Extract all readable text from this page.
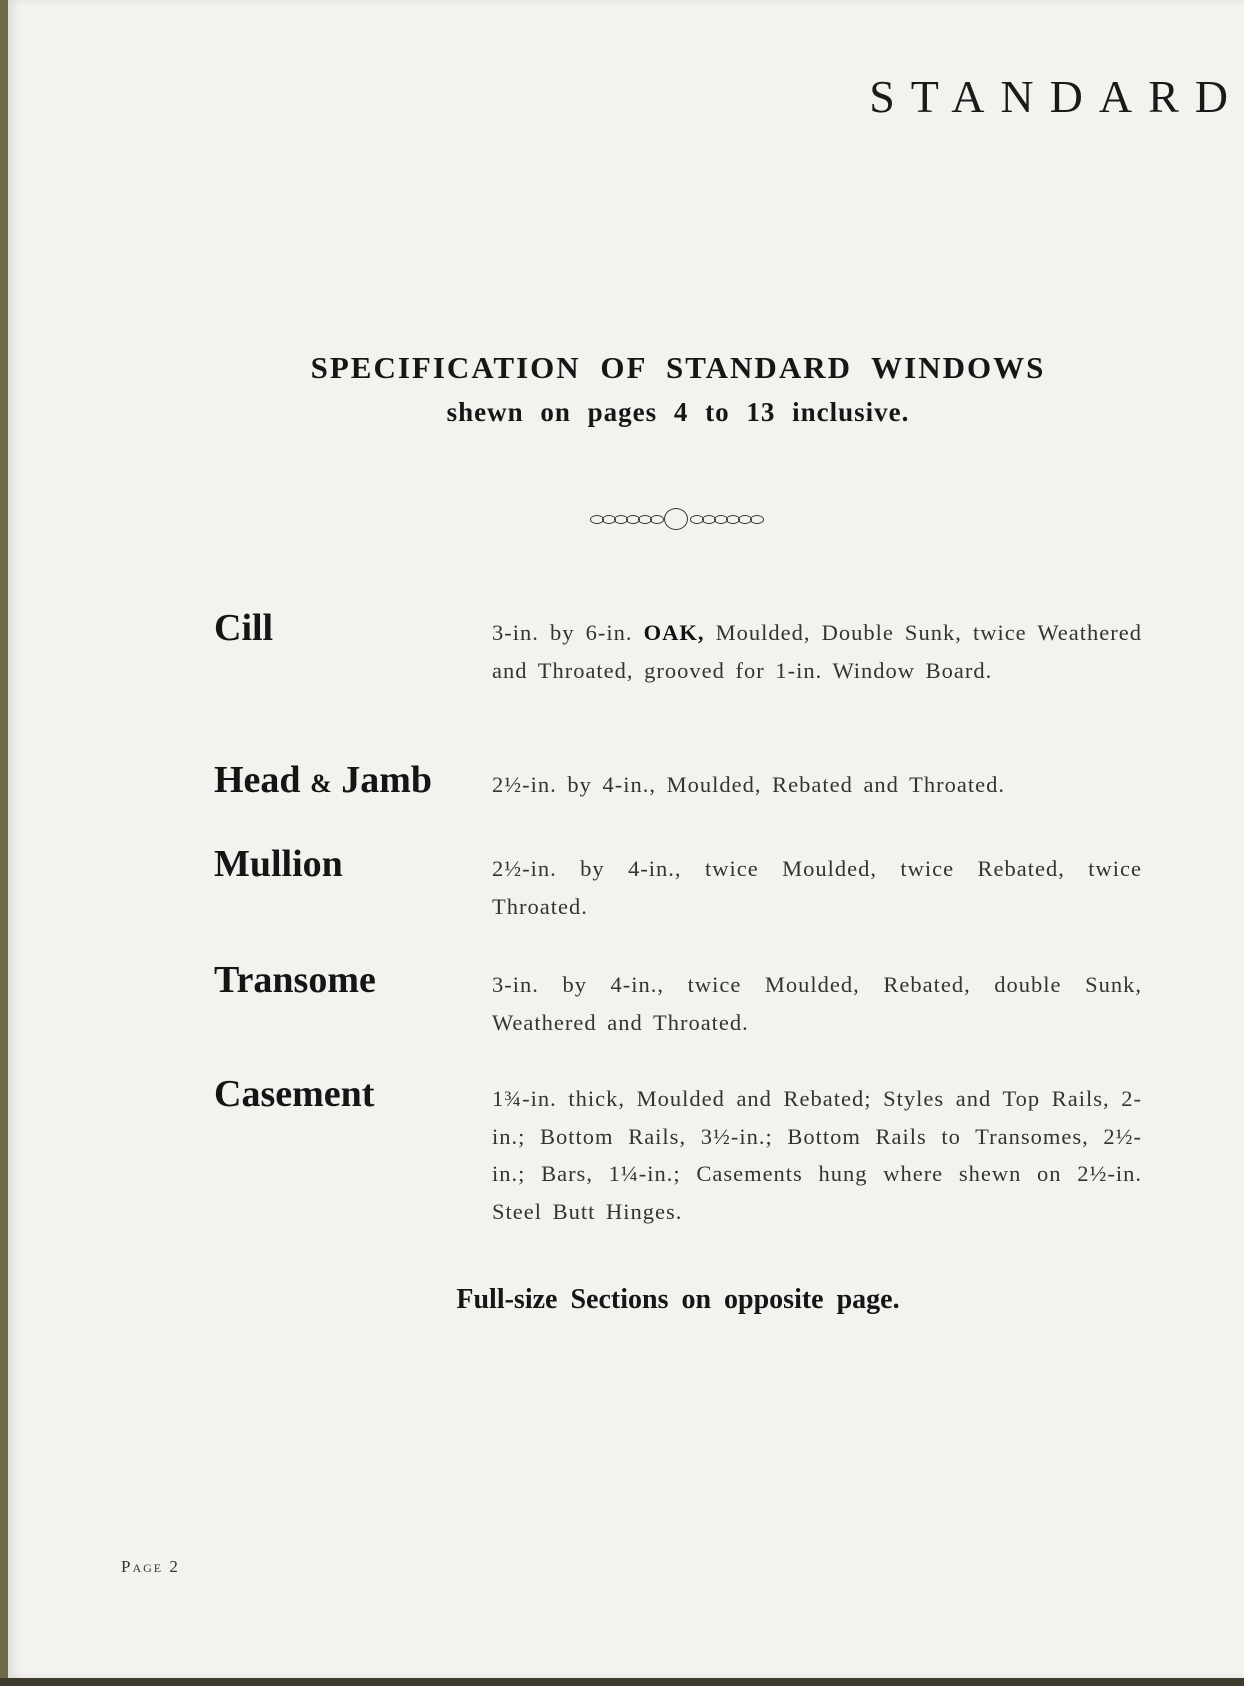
STANDARD
SPECIFICATION OF STANDARD WINDOWS
shewn on pages 4 to 13 inclusive.
Cill	3-in. by 6-in. OAK, Moulded, Double Sunk, twice Weathered and Throated, grooved for 1-in. Window Board.
Head & Jamb	2½-in. by 4-in., Moulded, Rebated and Throated.
Mullion	2½-in. by 4-in., twice Moulded, twice Rebated, twice Throated.
Transome	3-in. by 4-in., twice Moulded, Rebated, double Sunk, Weathered and Throated.
Casement	1¾-in. thick, Moulded and Rebated; Styles and Top Rails, 2-in.; Bottom Rails, 3½-in.; Bottom Rails to Transomes, 2½-in.; Bars, 1¼-in.; Casements hung where shewn on 2½-in. Steel Butt Hinges.
Full-size Sections on opposite page.
Page 2
